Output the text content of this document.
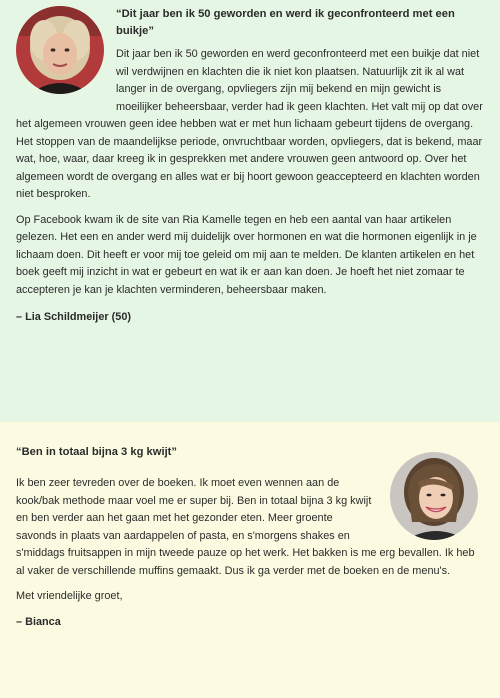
“Dit jaar ben ik 50 geworden en werd ik geconfronteerd met een buikje”

Dit jaar ben ik 50 geworden en werd geconfronteerd met een buikje dat niet wil verdwijnen en klachten die ik niet kon plaatsen. Natuurlijk zit ik al wat langer in de overgang, opvliegers zijn mij bekend en mijn gewicht is moeilijker beheersbaar, verder had ik geen klachten. Het valt mij op dat over het algemeen vrouwen geen idee hebben wat er met hun lichaam gebeurt tijdens de overgang. Het stoppen van de maandelijkse periode, onvruchtbaar worden, opvliegers, dat is bekend, maar wat, hoe, waar, daar kreeg ik in gesprekken met andere vrouwen geen antwoord op. Over het algemeen wordt de overgang en alles wat er bij hoort gewoon geaccepteerd en klachten worden niet besproken.

Op Facebook kwam ik de site van Ria Kamelle tegen en heb een aantal van haar artikelen gelezen. Het een en ander werd mij duidelijk over hormonen en wat die hormonen eigenlijk in je lichaam doen. Dit heeft er voor mij toe geleid om mij aan te melden. De klanten artikelen en het boek geeft mij inzicht in wat er gebeurt en wat ik er aan kan doen. Je hoeft het niet zomaar te accepteren je kan je klachten verminderen, beheersbaar maken.

– Lia Schildmeijer (50)
“Ben in totaal bijna 3 kg kwijt”

Ik ben zeer tevreden over de boeken. Ik moet even wennen aan de kook/bak methode maar voel me er super bij. Ben in totaal bijna 3 kg kwijt en ben verder aan het gaan met het gezonder eten. Meer groente savonds in plaats van aardappelen of pasta, en s'morgens shakes en s'middags fruitsappen in mijn tweede pauze op het werk. Het bakken is me erg bevallen. Ik heb al vaker de verschillende muffins gemaakt. Dus ik ga verder met de boeken en de menu's.

Met vriendelijke groet,

– Bianca
